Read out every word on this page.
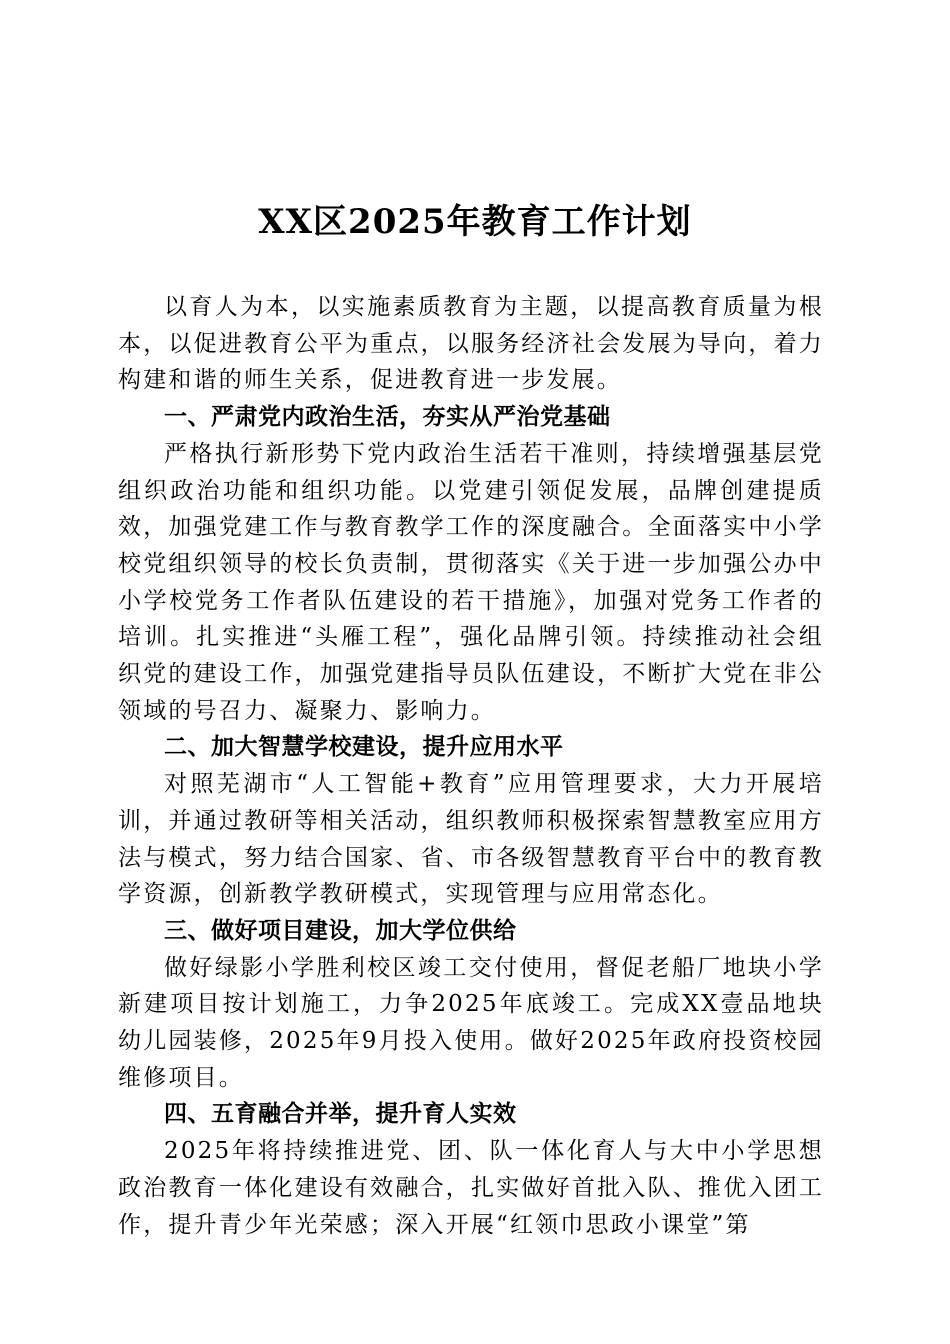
XX区2025年教育工作计划

以育人为本，以实施素质教育为主题，以提高教育质量为根本，以促进教育公平为重点，以服务经济社会发展为导向，着力构建和谐的师生关系，促进教育进一步发展。

一、严肃党内政治生活，夯实从严治党基础

严格执行新形势下党内政治生活若干准则，持续增强基层党组织政治功能和组织功能。以党建引领促发展，品牌创建提质效，加强党建工作与教育教学工作的深度融合。全面落实中小学校党组织领导的校长负责制，贯彻落实《关于进一步加强公办中小学校党务工作者队伍建设的若干措施》，加强对党务工作者的培训。扎实推进“头雁工程”，强化品牌引领。持续推动社会组织党的建设工作，加强党建指导员队伍建设，不断扩大党在非公领域的号召力、凝聚力、影响力。

二、加大智慧学校建设，提升应用水平

对照芜湖市“人工智能+教育”应用管理要求，大力开展培训，并通过教研等相关活动，组织教师积极探索智慧教室应用方法与模式，努力结合国家、省、市各级智慧教育平台中的教育教学资源，创新教学教研模式，实现管理与应用常态化。

三、做好项目建设，加大学位供给

做好绿影小学胜利校区竣工交付使用，督促老船厂地块小学新建项目按计划施工，力争2025年底竣工。完成XX壹品地块幼儿园装修，2025年9月投入使用。做好2025年政府投资校园维修项目。

四、五育融合并举，提升育人实效

2025年将持续推进党、团、队一体化育人与大中小学思想政治教育一体化建设有效融合，扎实做好首批入队、推优入团工作，提升青少年光荣感；深入开展“红领巾思政小课堂”第
